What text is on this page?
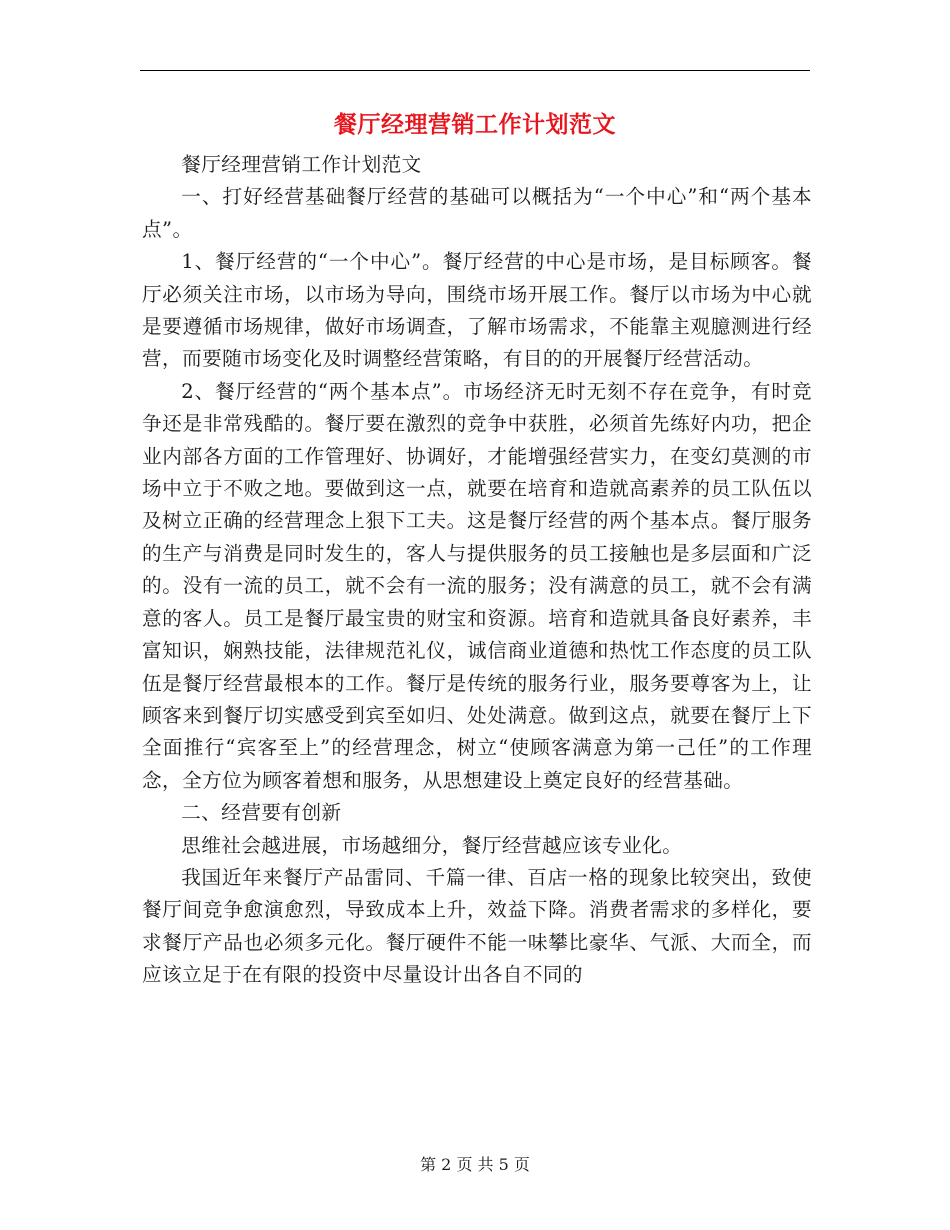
餐厅经理营销工作计划范文

餐厅经理营销工作计划范文

一、打好经营基础餐厅经营的基础可以概括为“一个中心”和“两个基本点”。

1、餐厅经营的“一个中心”。餐厅经营的中心是市场，是目标顾客。餐厅必须关注市场，以市场为导向，围绕市场开展工作。餐厅以市场为中心就是要遵循市场规律，做好市场调查，了解市场需求，不能靠主观臆测进行经营，而要随市场变化及时调整经营策略，有目的的开展餐厅经营活动。

2、餐厅经营的“两个基本点”。市场经济无时无刻不存在竞争，有时竞争还是非常残酷的。餐厅要在激烈的竞争中获胜，必须首先练好内功，把企业内部各方面的工作管理好、协调好，才能增强经营实力，在变幻莫测的市场中立于不败之地。要做到这一点，就要在培育和造就高素养的员工队伍以及树立正确的经营理念上狠下工夫。这是餐厅经营的两个基本点。餐厅服务的生产与消费是同时发生的，客人与提供服务的员工接触也是多层面和广泛的。没有一流的员工，就不会有一流的服务；没有满意的员工，就不会有满意的客人。员工是餐厅最宝贵的财宝和资源。培育和造就具备良好素养，丰富知识，娴熟技能，法律规范礼仪，诚信商业道德和热忱工作态度的员工队伍是餐厅经营最根本的工作。餐厅是传统的服务行业，服务要尊客为上，让顾客来到餐厅切实感受到宾至如归、处处满意。做到这点，就要在餐厅上下全面推行“宾客至上”的经营理念，树立“使顾客满意为第一己任”的工作理念，全方位为顾客着想和服务，从思想建设上奠定良好的经营基础。

二、经营要有创新

思维社会越进展，市场越细分，餐厅经营越应该专业化。

我国近年来餐厅产品雷同、千篇一律、百店一格的现象比较突出，致使餐厅间竞争愈演愈烈，导致成本上升，效益下降。消费者需求的多样化，要求餐厅产品也必须多元化。餐厅硬件不能一味攀比豪华、气派、大而全，而应该立足于在有限的投资中尽量设计出各自不同的

第 2 页 共 5 页
